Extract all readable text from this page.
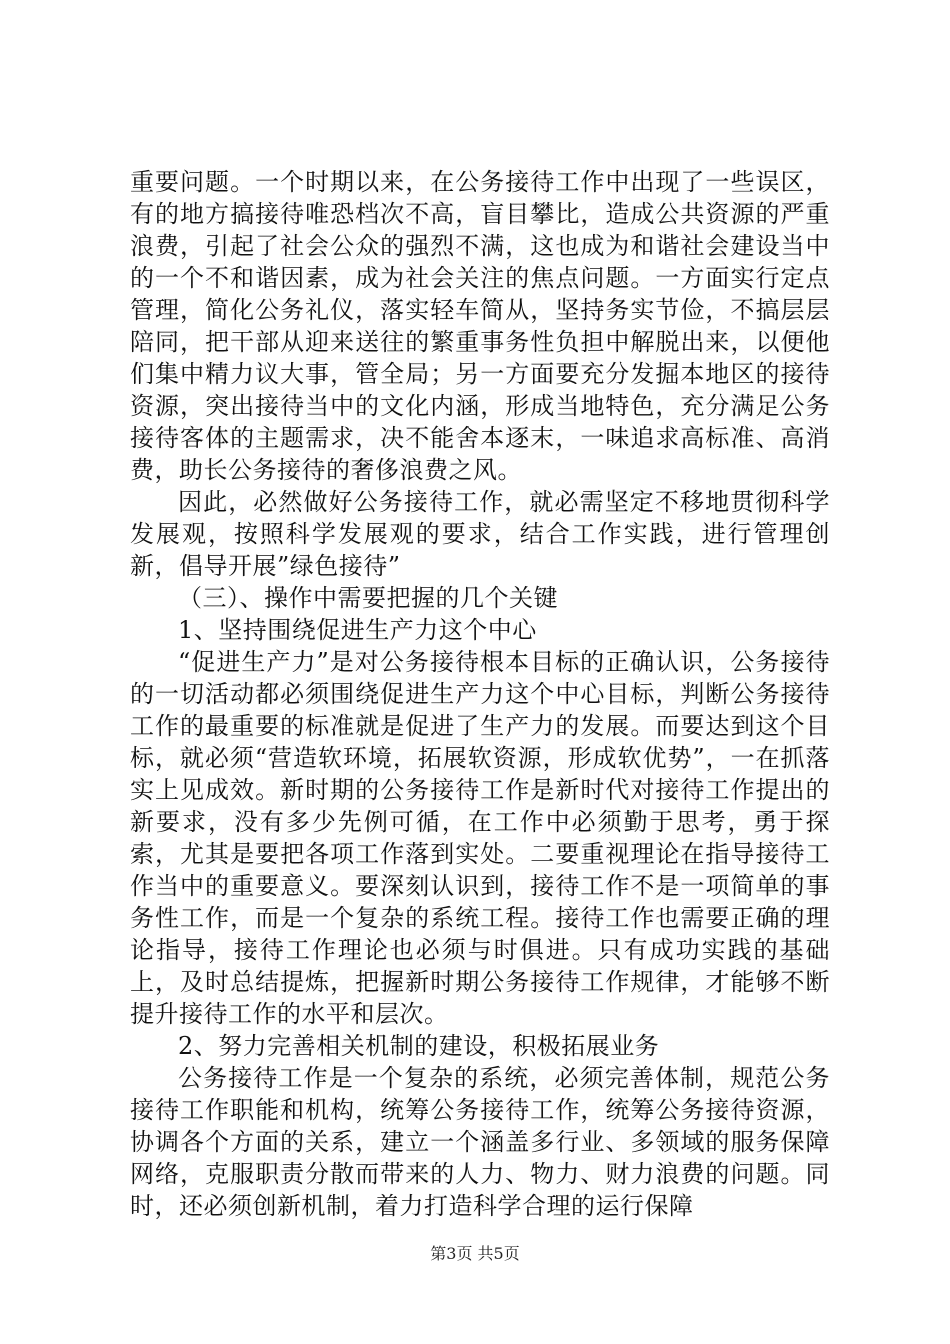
重要问题。一个时期以来，在公务接待工作中出现了一些误区，有的地方搞接待唯恐档次不高，盲目攀比，造成公共资源的严重浪费，引起了社会公众的强烈不满，这也成为和谐社会建设当中的一个不和谐因素，成为社会关注的焦点问题。一方面实行定点管理，简化公务礼仪，落实轻车简从，坚持务实节俭，不搞层层陪同，把干部从迎来送往的繁重事务性负担中解脱出来，以便他们集中精力议大事，管全局；另一方面要充分发掘本地区的接待资源，突出接待当中的文化内涵，形成当地特色，充分满足公务接待客体的主题需求，决不能舍本逐末，一味追求高标准、高消费，助长公务接待的奢侈浪费之风。

因此，必然做好公务接待工作，就必需坚定不移地贯彻科学发展观，按照科学发展观的要求，结合工作实践，进行管理创新，倡导开展”绿色接待”

（三）、操作中需要把握的几个关键

1、坚持围绕促进生产力这个中心

“促进生产力”是对公务接待根本目标的正确认识，公务接待的一切活动都必须围绕促进生产力这个中心目标，判断公务接待工作的最重要的标准就是促进了生产力的发展。而要达到这个目标，就必须“营造软环境，拓展软资源，形成软优势”，一在抓落实上见成效。新时期的公务接待工作是新时代对接待工作提出的新要求，没有多少先例可循，在工作中必须勤于思考，勇于探索，尤其是要把各项工作落到实处。二要重视理论在指导接待工作当中的重要意义。要深刻认识到，接待工作不是一项简单的事务性工作，而是一个复杂的系统工程。接待工作也需要正确的理论指导，接待工作理论也必须与时俱进。只有成功实践的基础上，及时总结提炼，把握新时期公务接待工作规律，才能够不断提升接待工作的水平和层次。

2、努力完善相关机制的建设，积极拓展业务

公务接待工作是一个复杂的系统，必须完善体制，规范公务接待工作职能和机构，统筹公务接待工作，统筹公务接待资源，协调各个方面的关系，建立一个涵盖多行业、多领域的服务保障网络，克服职责分散而带来的人力、物力、财力浪费的问题。同时，还必须创新机制，着力打造科学合理的运行保障

第3页 共5页
